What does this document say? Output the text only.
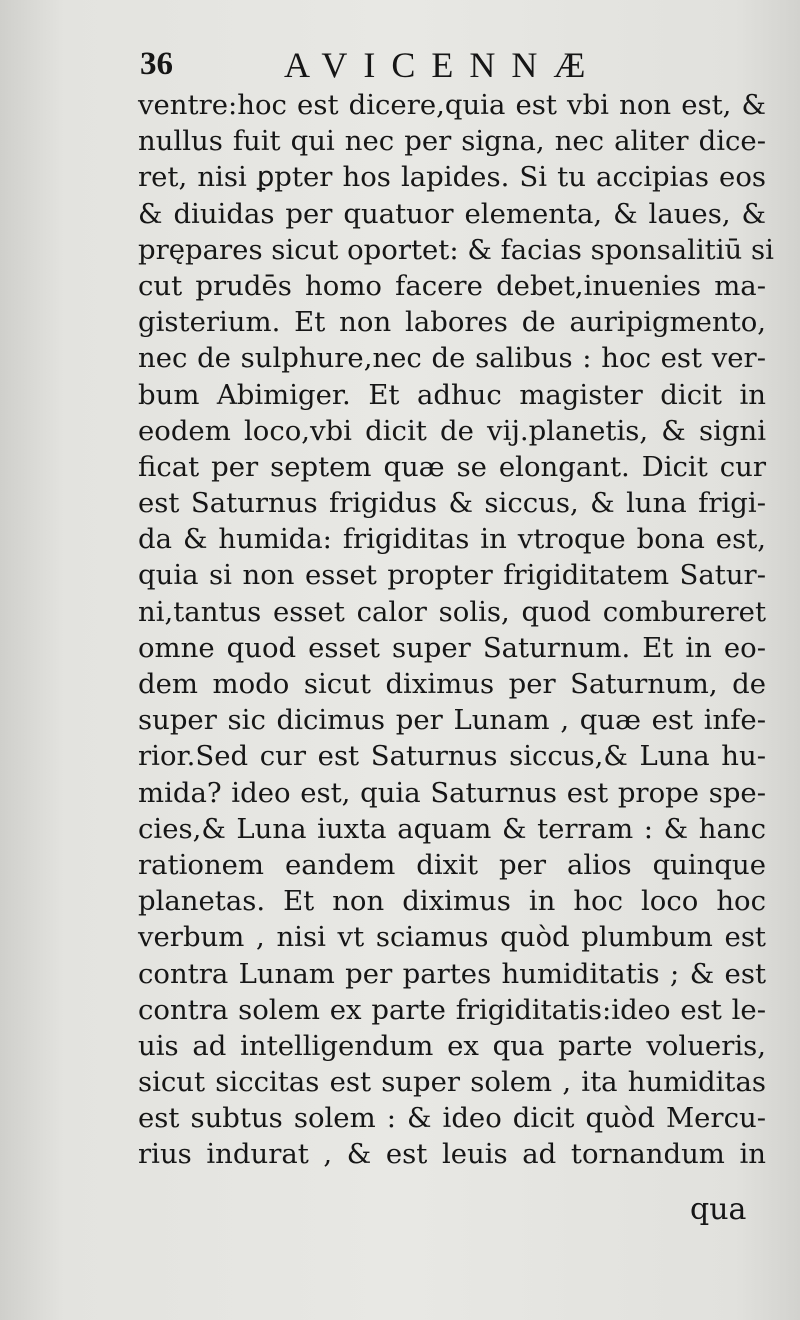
36	AVICENNÆ
ventre:hoc est dicere,quia est vbi non est, &
nullus fuit qui nec per signa, nec aliter dice-
ret, nisi ꝑpter hos lapides. Si tu accipias eos
& diuidas per quatuor elementa, & laues, &
prępares sicut oportet: & facias sponsalitiū si
cut prudēs homo facere debet,inuenies ma-
gisterium. Et non labores de auripigmento,
nec de sulphure,nec de salibus : hoc est ver-
bum Abimiger. Et adhuc magister dicit in
eodem loco,vbi dicit de vij.planetis, & signi
ficat per septem quæ se elongant. Dicit cur
est Saturnus frigidus & siccus, & luna frigi-
da & humida: frigiditas in vtroque bona est,
quia si non esset propter frigiditatem Satur-
ni,tantus esset calor solis, quod combureret
omne quod esset super Saturnum. Et in eo-
dem modo sicut diximus per Saturnum, de
super sic dicimus per Lunam , quæ est infe-
rior.Sed cur est Saturnus siccus,& Luna hu-
mida? ideo est, quia Saturnus est prope spe-
cies,& Luna iuxta aquam & terram : & hanc
rationem eandem dixit per alios quinque
planetas. Et non diximus in hoc loco hoc
verbum , nisi vt sciamus quòd plumbum est
contra Lunam per partes humiditatis ; & est
contra solem ex parte frigiditatis:ideo est le-
uis ad intelligendum ex qua parte volueris,
sicut siccitas est super solem , ita humiditas
est subtus solem : & ideo dicit quòd Mercu-
rius indurat , & est leuis ad tornandum in
qua
